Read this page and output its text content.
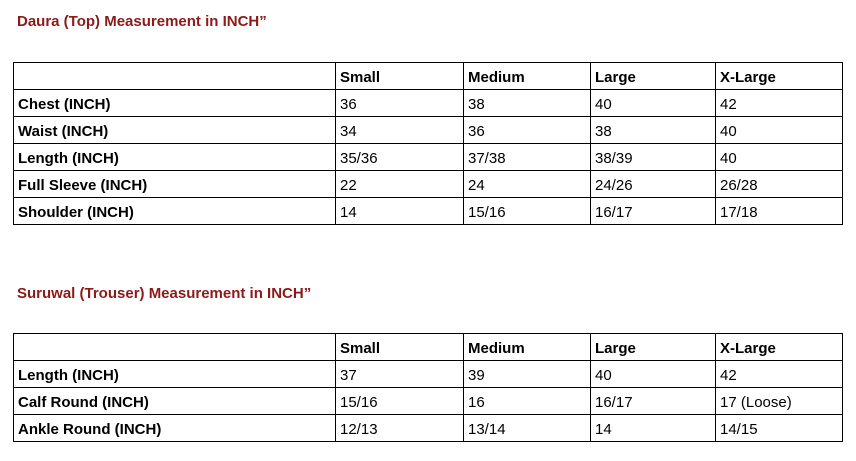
Daura (Top) Measurement in INCH”
	Small	Medium	Large	X-Large
Chest (INCH)	36	38	40	42
Waist (INCH)	34	36	38	40
Length (INCH)	35/36	37/38	38/39	40
Full Sleeve (INCH)	22	24	24/26	26/28
Shoulder (INCH)	14	15/16	16/17	17/18
Suruwal (Trouser) Measurement in INCH”
	Small	Medium	Large	X-Large
Length (INCH)	37	39	40	42
Calf Round (INCH)	15/16	16	16/17	17 (Loose)
Ankle Round (INCH)	12/13	13/14	14	14/15
